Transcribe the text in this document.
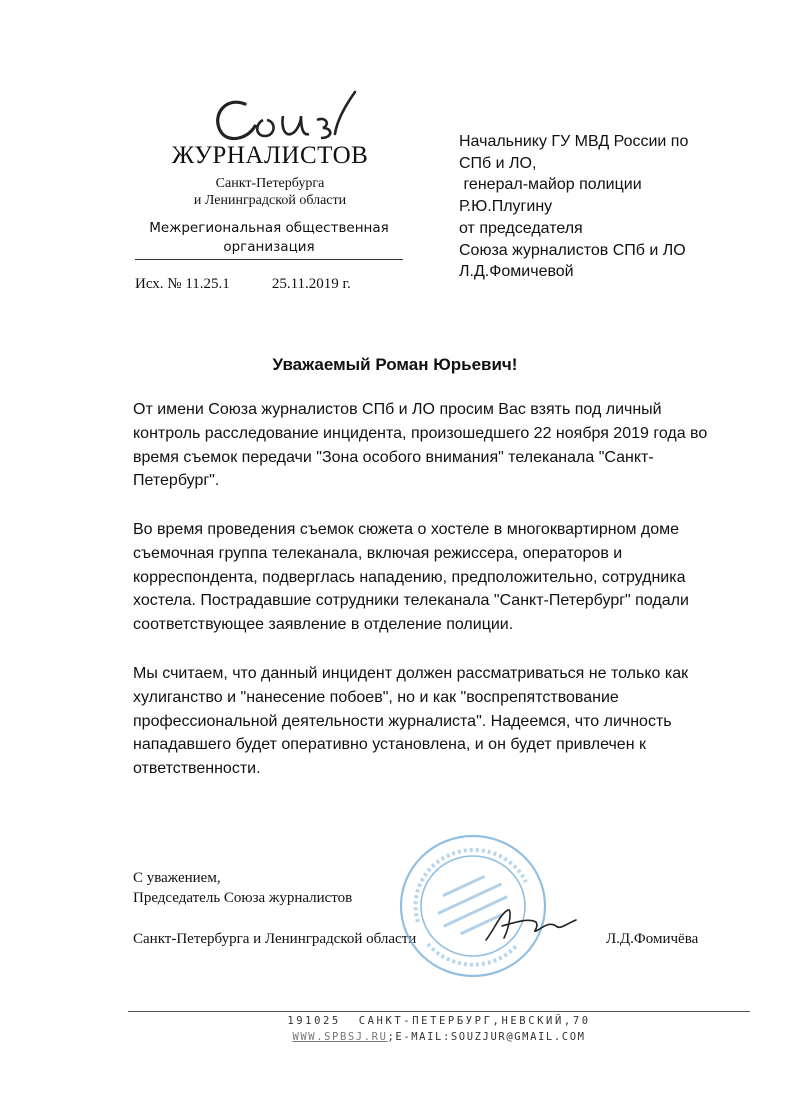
ЖУРНАЛИСТОВ
Санкт-Петербурга
и Ленинградской области
Межрегиональная общественная
организация
Исх. № 11.25.1	25.11.2019 г.
Начальнику ГУ МВД России по
СПб и ЛО,
генерал-майор полиции
Р.Ю.Плугину
от председателя
Союза журналистов СПб и ЛО
Л.Д.Фомичевой
Уважаемый Роман Юрьевич!
От имени Союза журналистов СПб и ЛО просим Вас взять под личный
контроль расследование инцидента, произошедшего 22 ноября 2019 года во
время съемок передачи "Зона особого внимания" телеканала "Санкт-
Петербург".
Во время проведения съемок сюжета о хостеле в многоквартирном доме
съемочная группа телеканала, включая режиссера, операторов и
корреспондента, подверглась нападению, предположительно, сотрудника
хостела. Пострадавшие сотрудники телеканала "Санкт-Петербург" подали
соответствующее заявление в отделение полиции.
Мы считаем, что данный инцидент должен рассматриваться не только как
хулиганство и "нанесение побоев", но и как "воспрепятствование
профессиональной деятельности журналиста". Надеемся, что личность
нападавшего будет оперативно установлена, и он будет привлечен к
ответственности.
С уважением,
Председатель Союза журналистов
Санкт-Петербурга и Ленинградской области	Л.Д.Фомичёва
191025  САНКТ-ПЕТЕРБУРГ,НЕВСКИЙ,70
WWW.SPBSJ.RU;E-MAIL:SOUZJUR@GMAIL.COM
